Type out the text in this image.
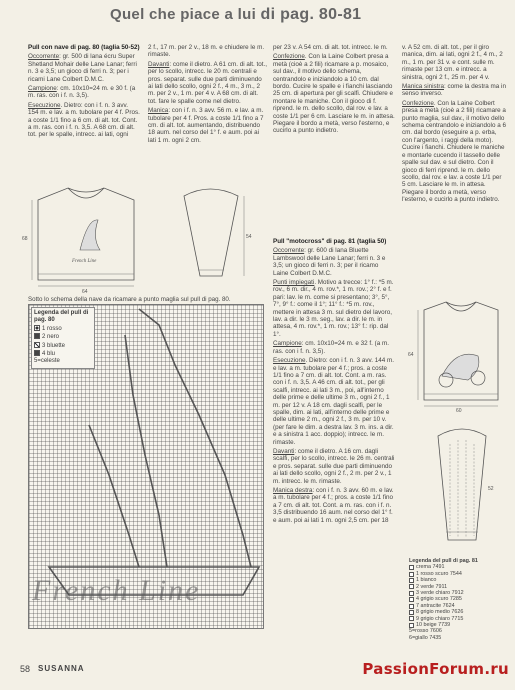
Quel che piace a lui di pag. 80-81

Pull con nave di pag. 80 (taglia 50-52)

Occorrente: gr. 500 di lana écru Super Shetland Mohair delle Lane Lanar; ferri n. 3 e 3,5; un gioco di ferri n. 3; per i ricami Lane Colbert D.M.C.

Campione: cm. 10x10=24 m. e 30 f. (a m. ras. con i f. n. 3,5).

Esecuzione. Dietro: con i f. n. 3 avv. 154 m. e lav. a m. tubolare per 4 f. Pros. a coste 1/1 fino a 6 cm. di alt. tot. Cont. a m. ras. con i f. n. 3,5. A 68 cm. di alt. tot. per le spalle, intrecc. ai lati, ogni

2 f., 17 m. per 2 v., 18 m. e chiudere le m. rimaste.

Davanti: come il dietro. A 61 cm. di alt. tot., per lo scollo, intrecc. le 20 m. centrali e pros. separat. sulle due parti diminuendo ai lati dello scollo, ogni 2 f., 4 m., 3 m., 2 m. per 2 v., 1 m. per 4 v. A 68 cm. di alt. tot. fare le spalle come nel dietro.

Manica: con i f. n. 3 avv. 56 m. e lav. a m. tubolare per 4 f. Pros. a coste 1/1 fino a 7 cm. di alt. tot. aumentando, distribuendo 18 aum. nel corso del 1° f. e aum. poi ai lati 1 m. ogni 2 cm.

per 23 v. A 54 cm. di alt. tot. intrecc. le m.

Confezione. Con la Laine Colbert presa a metà (cioè a 2 fili) ricamare a p. mosaico, sul dav., il motivo dello schema, centrandolo e iniziandolo a 10 cm. dal bordo. Cucire le spalle e i fianchi lasciando 25 cm. di apertura per gli scalfi. Chiudere e montare le maniche. Con il gioco di f. riprend. le m. dello scollo, dal rov. e lav. a coste 1/1 per 6 cm. Lasciare le m. in attesa. Piegare il bordo a metà, verso l'esterno, e cucirlo a punto indietro.

Pull "motocross" di pag. 81 (taglia 50)

Occorrente: gr. 600 di lana Bluette Lambswool delle Lane Lanar; ferri n. 3 e 3,5; un gioco di ferri n. 3; per il ricamo Laine Colbert D.M.C.

Punti impiegati. Motivo a trecce: 1° f.: *5 m. rov., 6 m. dir., 4 m. rov.*, 1 m. rov.; 2° f. e f. pari: lav. le m. come si presentano; 3°, 5°, 7°, 9° f.: come il 1°; 11° f.: *5 m. rov., mettere in attesa 3 m. sul dietro del lavoro, lav. a dir. le 3 m. seg., lav. a dir. le m. in attesa, 4 m. rov.*, 1 m. rov.; 13° f.: rip. dal 1°.

Campione: cm. 10x10=24 m. e 32 f. (a m. ras. con i f. n. 3,5).

Esecuzione. Dietro: con i f. n. 3 avv. 144 m. e lav. a m. tubolare per 4 f.; pros. a coste 1/1 fino a 7 cm. di alt. tot. Cont. a m. ras. con i f. n. 3,5. A 46 cm. di alt. tot., per gli scalfi, intrecc. ai lati 3 m., poi, all'interno delle prime e delle ultime 3 m., ogni 2 f., 1 m. per 12 v. A 18 cm. dagli scalfi, per le spalle, dim. ai lati, all'interno delle prime e delle ultime 2 m., ogni 2 f., 3 m. per 10 v. (per fare le dim. a destra lav. 3 m. ins. a dir. e a sinistra 1 acc. doppio); intrecc. le m. rimaste.

Davanti: come il dietro. A 16 cm. dagli scalfi, per lo scollo, intrecc. le 26 m. centrali e pros. separat. sulle due parti diminuendo ai lati dello scollo, ogni 2 f., 2 m. per 2 v., 1 m. intrecc. le m. rimaste.

Manica destra: con i f. n. 3 avv. 60 m. e lav. a m. tubolare per 4 f.; pros. a coste 1/1 fino a 7 cm. di alt. tot. Cont. a m. ras. con i f. n. 3,5 distribuendo 16 aum. nel corso del 1° f. e aum. poi ai lati 1 m. ogni 2,5 cm. per 18

v. A 52 cm. di alt. tot., per il giro manica, dim. ai lati, ogni 2 f., 4 m., 2 m., 1 m. per 31 v. e cont. sulle m. rimaste per 13 cm. e intrecc. a sinistra, ogni 2 f., 25 m. per 4 v.

Manica sinistra: come la destra ma in senso inverso.

Confezione. Con la Laine Colbert presa a metà (cioè a 2 fili) ricamare a punto maglia, sul dav., il motivo dello schema centrandolo e iniziandolo a 6 cm. dal bordo (eseguire a p. erba, con l'argento, i raggi della moto). Cucire i fianchi. Chiudere le maniche e montarle cucendo il tassello delle spalle sul dav. e sul dietro. Con il gioco di ferri riprend. le m. dello scollo, dal rov. e lav. a coste 1/1 per 5 cm. Lasciare le m. in attesa. Piegare il bordo a metà, verso l'esterno, e cucirlo a punto indietro.

French Line
68
64
54
Sotto lo schema della nave da ricamare a punto maglia sul pull di pag. 80.
Legenda del pull di pag. 80
1 rosso
2 nero
3 bluette
4 blu
5=celeste
French Line
64
60
52
Legenda del pull di pag. 81
crema 7491
1 rosso scuro 7544
1 bianco
2 verde 7911
3 verde chiaro 7912
4 grigio scuro 7285
7 antracite 7624
8 grigio medio 7626
9 grigio chiaro 7715
10 beige 7739
5=rosso 7606
6=giallo 7435
58 SUSANNA	PassionForum.ru
